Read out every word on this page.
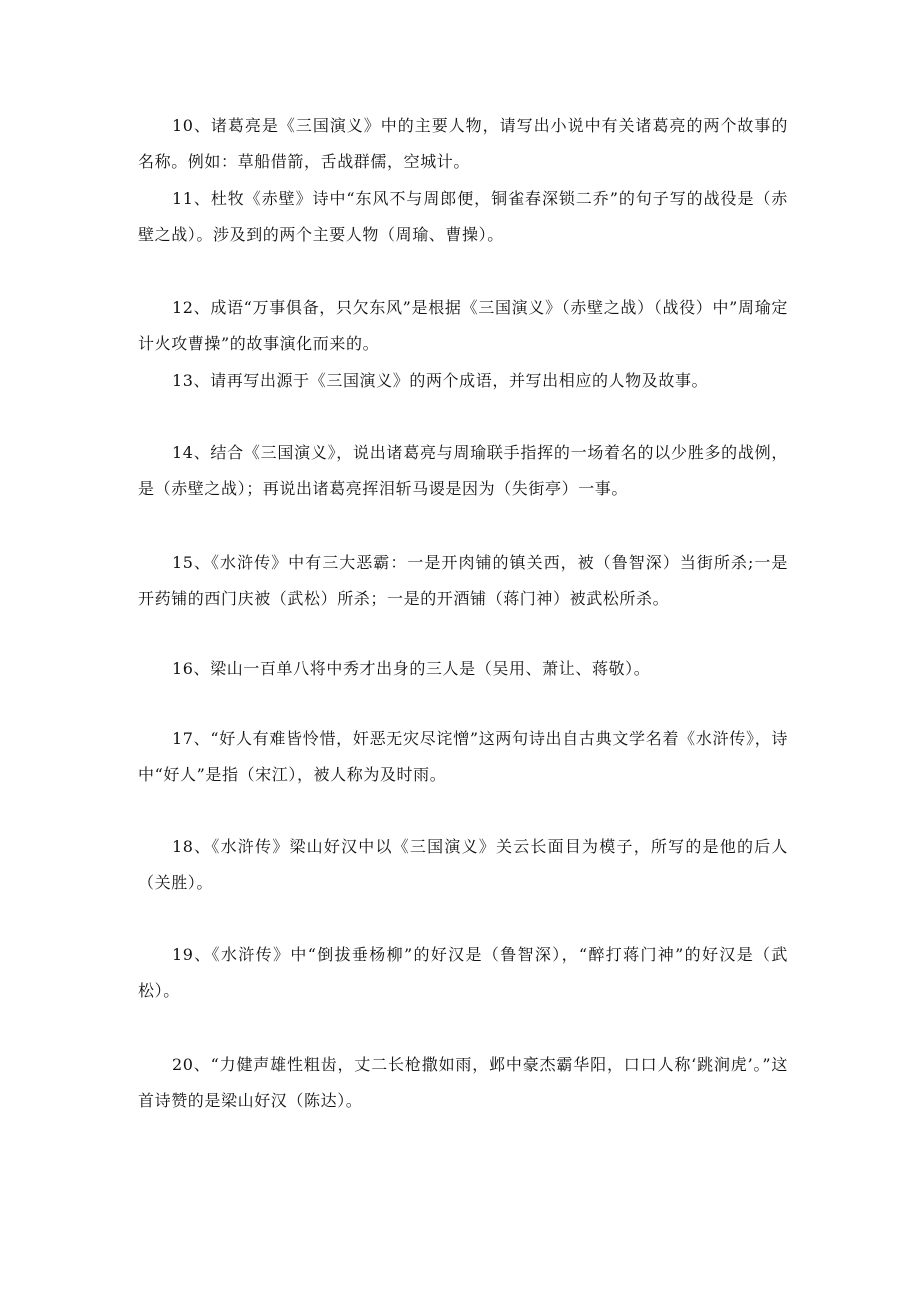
10、诸葛亮是《三国演义》中的主要人物，请写出小说中有关诸葛亮的两个故事的名称。例如：草船借箭，舌战群儒，空城计。

11、杜牧《赤壁》诗中“东风不与周郎便，铜雀春深锁二乔”的句子写的战役是（赤壁之战）。涉及到的两个主要人物（周瑜、曹操）。

12、成语“万事俱备，只欠东风”是根据《三国演义》（赤壁之战）（战役）中”周瑜定计火攻曹操”的故事演化而来的。

13、请再写出源于《三国演义》的两个成语，并写出相应的人物及故事。

14、结合《三国演义》，说出诸葛亮与周瑜联手指挥的一场着名的以少胜多的战例，是（赤壁之战）；再说出诸葛亮挥泪斩马谡是因为（失街亭）一事。

15、《水浒传》中有三大恶霸：一是开肉铺的镇关西，被（鲁智深）当街所杀;一是开药铺的西门庆被（武松）所杀；一是的开酒铺（蒋门神）被武松所杀。

16、梁山一百单八将中秀才出身的三人是（吴用、萧让、蒋敬）。

17、“好人有难皆怜惜，奸恶无灾尽诧憎”这两句诗出自古典文学名着《水浒传》，诗中“好人”是指（宋江），被人称为及时雨。

18、《水浒传》梁山好汉中以《三国演义》关云长面目为模子，所写的是他的后人（关胜）。

19、《水浒传》中“倒拔垂杨柳”的好汉是（鲁智深），“醉打蒋门神”的好汉是（武松）。

20、“力健声雄性粗齿，丈二长枪撒如雨，邺中豪杰霸华阳，口口人称‘跳涧虎’。”这首诗赞的是梁山好汉（陈达）。
